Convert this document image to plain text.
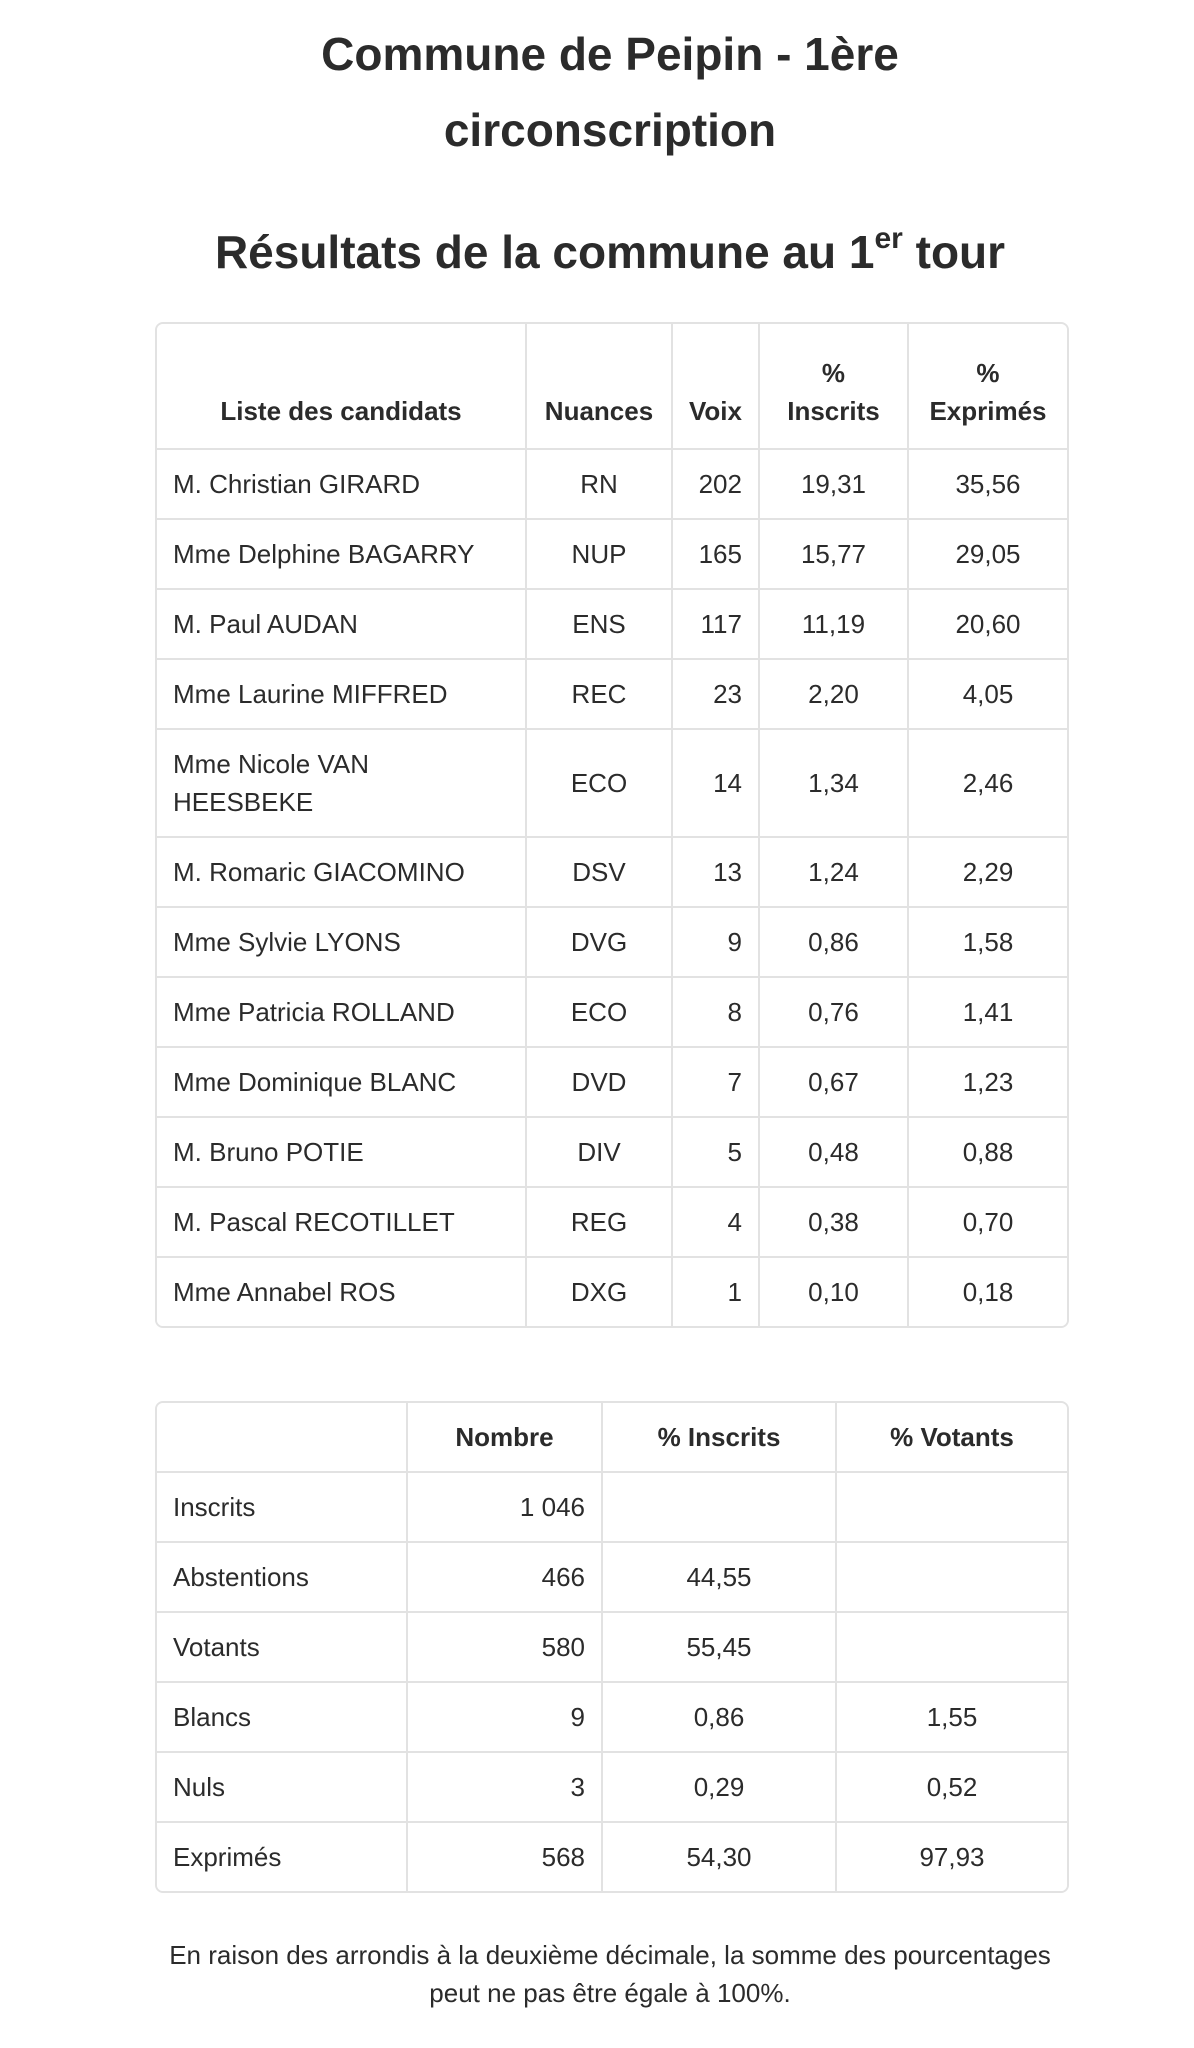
Commune de Peipin - 1ère circonscription
Résultats de la commune au 1er tour
Liste des candidats	Nuances	Voix	% Inscrits	% Exprimés
M. Christian GIRARD	RN	202	19,31	35,56
Mme Delphine BAGARRY	NUP	165	15,77	29,05
M. Paul AUDAN	ENS	117	11,19	20,60
Mme Laurine MIFFRED	REC	23	2,20	4,05
Mme Nicole VAN HEESBEKE	ECO	14	1,34	2,46
M. Romaric GIACOMINO	DSV	13	1,24	2,29
Mme Sylvie LYONS	DVG	9	0,86	1,58
Mme Patricia ROLLAND	ECO	8	0,76	1,41
Mme Dominique BLANC	DVD	7	0,67	1,23
M. Bruno POTIE	DIV	5	0,48	0,88
M. Pascal RECOTILLET	REG	4	0,38	0,70
Mme Annabel ROS	DXG	1	0,10	0,18
	Nombre	% Inscrits	% Votants
Inscrits	1 046		
Abstentions	466	44,55	
Votants	580	55,45	
Blancs	9	0,86	1,55
Nuls	3	0,29	0,52
Exprimés	568	54,30	97,93

En raison des arrondis à la deuxième décimale, la somme des pourcentages peut ne pas être égale à 100%.
